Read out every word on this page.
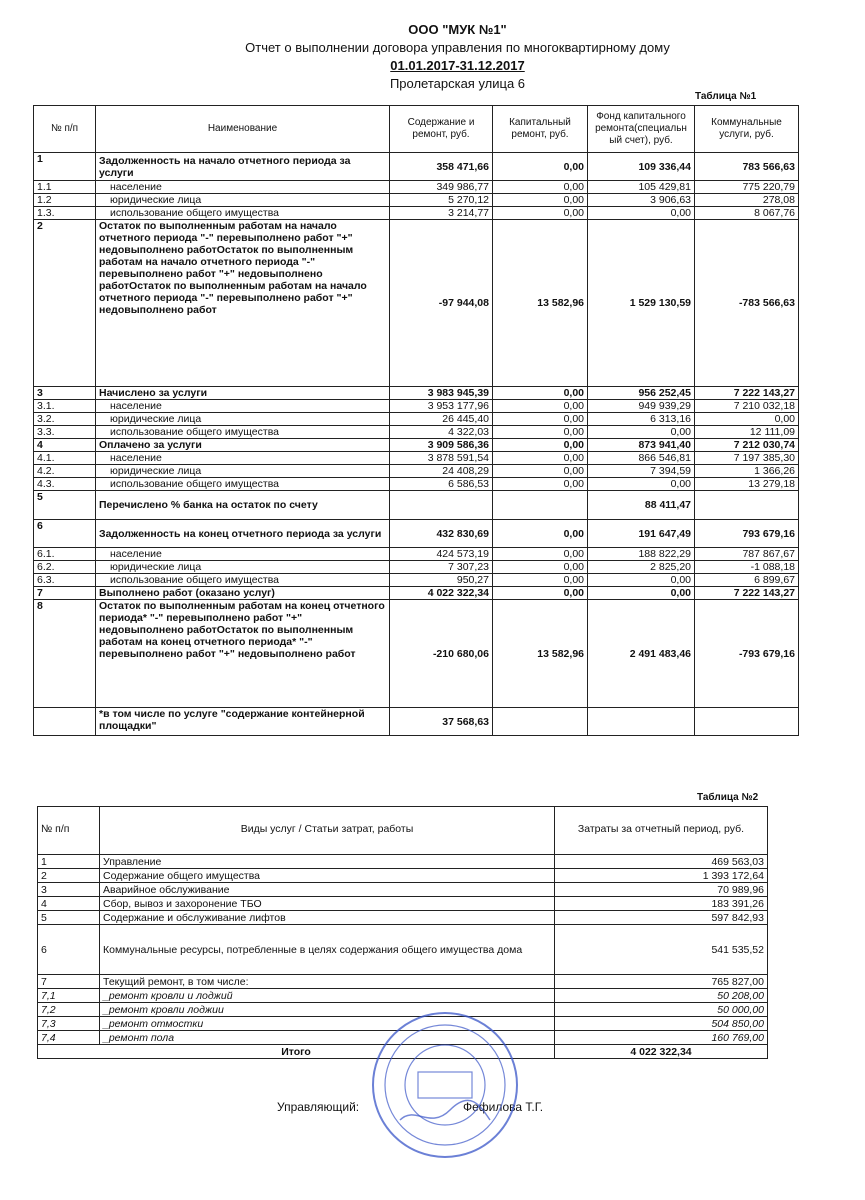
ООО "МУК №1"
Отчет о выполнении договора управления по многоквартирному дому
01.01.2017-31.12.2017
Пролетарская улица 6
Таблица №1
№ п/п	Наименование	Содержание и ремонт, руб.	Капитальный ремонт, руб.	Фонд капитального ремонта(специальн ый счет), руб.	Коммунальные услуги, руб.
1	Задолженность на начало отчетного периода за услуги	358 471,66	0,00	109 336,44	783 566,63
1.1	население	349 986,77	0,00	105 429,81	775 220,79
1.2	юридические лица	5 270,12	0,00	3 906,63	278,08
1.3.	использование общего имущества	3 214,77	0,00	0,00	8 067,76
2	Остаток по выполненным работам на начало отчетного периода "-" перевыполнено работ "+" недовыполнено работОстаток по выполненным работам на начало отчетного периода "-" перевыполнено работ "+" недовыполнено работОстаток по выполненным работам на начало отчетного периода "-" перевыполнено работ "+" недовыполнено работ	-97 944,08	13 582,96	1 529 130,59	-783 566,63
3	Начислено за услуги	3 983 945,39	0,00	956 252,45	7 222 143,27
3.1.	население	3 953 177,96	0,00	949 939,29	7 210 032,18
3.2.	юридические лица	26 445,40	0,00	6 313,16	0,00
3.3.	использование общего имущества	4 322,03	0,00	0,00	12 111,09
4	Оплачено за услуги	3 909 586,36	0,00	873 941,40	7 212 030,74
4.1.	население	3 878 591,54	0,00	866 546,81	7 197 385,30
4.2.	юридические лица	24 408,29	0,00	7 394,59	1 366,26
4.3.	использование общего имущества	6 586,53	0,00	0,00	13 279,18
5	Перечислено % банка на остаток по счету			88 411,47	
6	Задолженность на конец отчетного периода за услуги	432 830,69	0,00	191 647,49	793 679,16
6.1.	население	424 573,19	0,00	188 822,29	787 867,67
6.2.	юридические лица	7 307,23	0,00	2 825,20	-1 088,18
6.3.	использование общего имущества	950,27	0,00	0,00	6 899,67
7	Выполнено работ (оказано услуг)	4 022 322,34	0,00	0,00	7 222 143,27
8	Остаток по выполненным работам на конец отчетного периода* "-" перевыполнено работ "+" недовыполнено работОстаток по выполненным работам на конец отчетного периода* "-" перевыполнено работ "+" недовыполнено работ	-210 680,06	13 582,96	2 491 483,46	-793 679,16
	*в том числе по услуге "содержание контейнерной площадки"	37 568,63			
Таблица №2
№ п/п	Виды услуг / Статьи затрат, работы	Затраты за отчетный период, руб.
1	Управление	469 563,03
2	Содержание общего имущества	1 393 172,64
3	Аварийное обслуживание	70 989,96
4	Сбор, вывоз и захоронение ТБО	183 391,26
5	Содержание и обслуживание лифтов	597 842,93
6	Коммунальные ресурсы, потребленные в целях содержания общего имущества дома	541 535,52
7	Текущий ремонт, в том числе:	765 827,00
7,1	_ремонт кровли и лоджий	50 208,00
7,2	_ремонт кровли лоджии	50 000,00
7,3	_ремонт отмостки	504 850,00
7,4	_ремонт пола	160 769,00
Итого		4 022 322,34
Управляющий:	Фефилова Т.Г.
